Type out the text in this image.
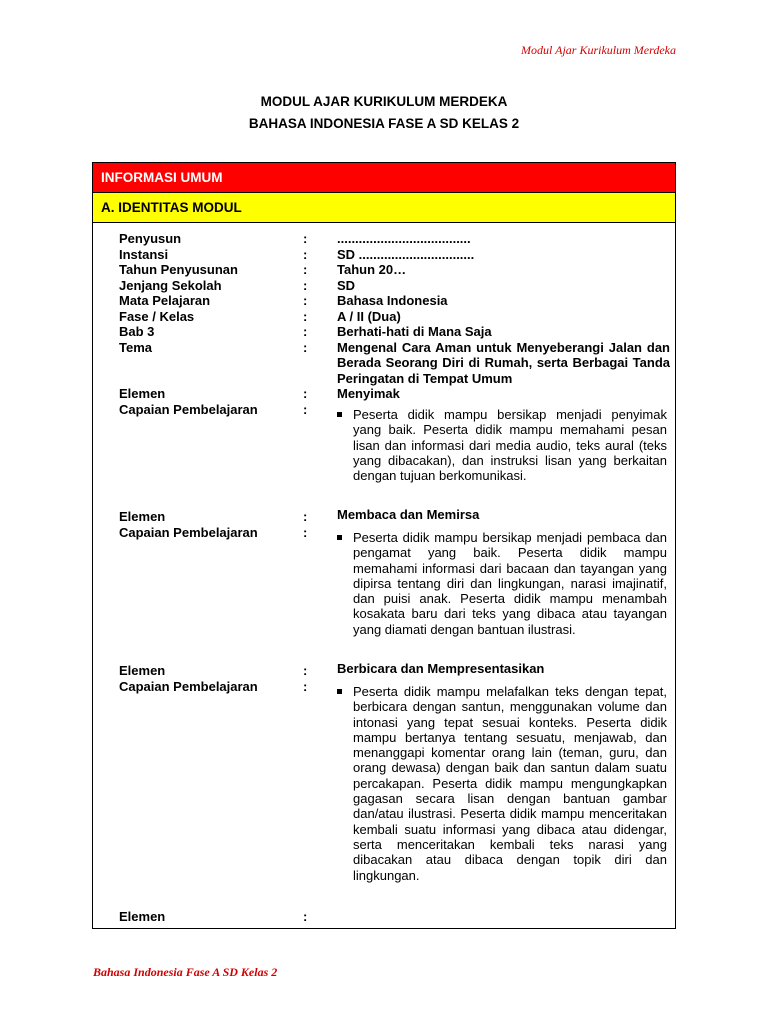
Modul Ajar Kurikulum Merdeka
MODUL AJAR KURIKULUM MERDEKA
BAHASA INDONESIA FASE A SD KELAS 2
INFORMASI UMUM
A. IDENTITAS MODUL
Penyusun	: .....................................
Instansi	: SD ................................
Tahun Penyusunan	: Tahun 20…
Jenjang Sekolah	: SD
Mata Pelajaran	: Bahasa Indonesia
Fase / Kelas	: A / II (Dua)
Bab 3	: Berhati-hati di Mana Saja
Tema	: Mengenal Cara Aman untuk Menyeberangi Jalan dan Berada Seorang Diri di Rumah, serta Berbagai Tanda Peringatan di Tempat Umum
Elemen	: Menyimak
Capaian Pembelajaran	:	Peserta didik mampu bersikap menjadi penyimak yang baik. Peserta didik mampu memahami pesan lisan dan informasi dari media audio, teks aural (teks yang dibacakan), dan instruksi lisan yang berkaitan dengan tujuan berkomunikasi.
Elemen	: Membaca dan Memirsa
Capaian Pembelajaran	:	Peserta didik mampu bersikap menjadi pembaca dan pengamat yang baik. Peserta didik mampu memahami informasi dari bacaan dan tayangan yang dipirsa tentang diri dan lingkungan, narasi imajinatif, dan puisi anak. Peserta didik mampu menambah kosakata baru dari teks yang dibaca atau tayangan yang diamati dengan bantuan ilustrasi.
Elemen	: Berbicara dan Mempresentasikan
Capaian Pembelajaran	:	Peserta didik mampu melafalkan teks dengan tepat, berbicara dengan santun, menggunakan volume dan intonasi yang tepat sesuai konteks. Peserta didik mampu bertanya tentang sesuatu, menjawab, dan menanggapi komentar orang lain (teman, guru, dan orang dewasa) dengan baik dan santun dalam suatu percakapan. Peserta didik mampu mengungkapkan gagasan secara lisan dengan bantuan gambar dan/atau ilustrasi. Peserta didik mampu menceritakan kembali suatu informasi yang dibaca atau didengar, serta menceritakan kembali teks narasi yang dibacakan atau dibaca dengan topik diri dan lingkungan.
Elemen	:
Bahasa Indonesia Fase A SD Kelas 2
